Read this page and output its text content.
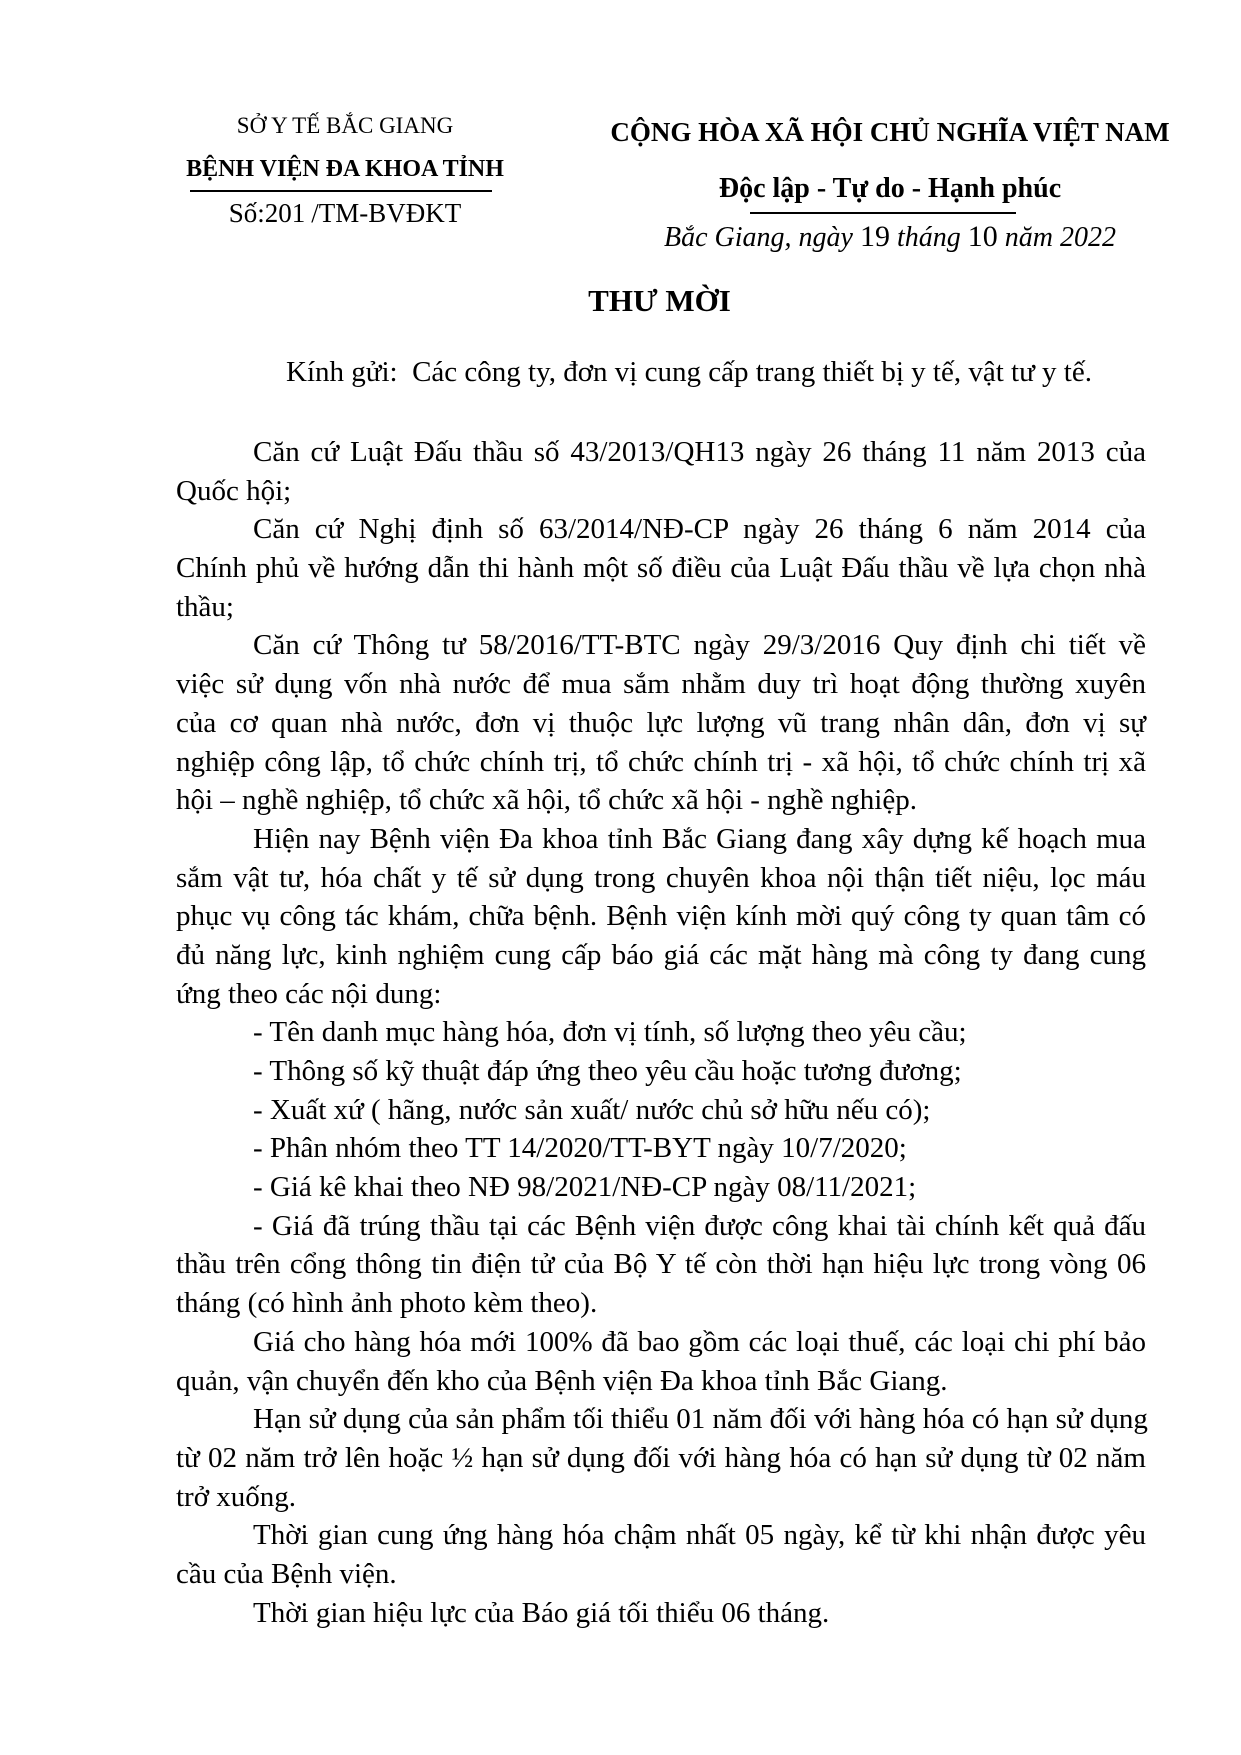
SỞ Y TẾ BẮC GIANG
BỆNH VIỆN ĐA KHOA TỈNH
Số:201 /TM-BVĐKT
CỘNG HÒA XÃ HỘI CHỦ NGHĨA VIỆT NAM
Độc lập - Tự do - Hạnh phúc
Bắc Giang, ngày 19 tháng 10 năm 2022
THƯ MỜI
Kính gửi:  Các công ty, đơn vị cung cấp trang thiết bị y tế, vật tư y tế.
Căn cứ Luật Đấu thầu số 43/2013/QH13 ngày 26 tháng 11 năm 2013 của
Quốc hội;
Căn cứ Nghị định số 63/2014/NĐ-CP ngày 26 tháng 6 năm 2014 của
Chính phủ về hướng dẫn thi hành một số điều của Luật Đấu thầu về lựa chọn nhà
thầu;
Căn cứ Thông tư 58/2016/TT-BTC ngày 29/3/2016 Quy định chi tiết về
việc sử dụng vốn nhà nước để mua sắm nhằm duy trì hoạt động thường xuyên
của cơ quan nhà nước, đơn vị thuộc lực lượng vũ trang nhân dân, đơn vị sự
nghiệp công lập, tổ chức chính trị, tổ chức chính trị - xã hội, tổ chức chính trị xã
hội – nghề nghiệp, tổ chức xã hội, tổ chức xã hội - nghề nghiệp.
Hiện nay Bệnh viện Đa khoa tỉnh Bắc Giang đang xây dựng kế hoạch mua
sắm vật tư, hóa chất y tế sử dụng trong chuyên khoa nội thận tiết niệu, lọc máu
phục vụ công tác khám, chữa bệnh. Bệnh viện kính mời quý công ty quan tâm có
đủ năng lực, kinh nghiệm cung cấp báo giá các mặt hàng mà công ty đang cung
ứng theo các nội dung:
- Tên danh mục hàng hóa, đơn vị tính, số lượng theo yêu cầu;
- Thông số kỹ thuật đáp ứng theo yêu cầu hoặc tương đương;
- Xuất xứ ( hãng, nước sản xuất/ nước chủ sở hữu nếu có);
- Phân nhóm theo TT 14/2020/TT-BYT ngày 10/7/2020;
- Giá kê khai theo NĐ 98/2021/NĐ-CP ngày 08/11/2021;
- Giá đã trúng thầu tại các Bệnh viện được công khai tài chính kết quả đấu
thầu trên cổng thông tin điện tử của Bộ Y tế còn thời hạn hiệu lực trong vòng 06
tháng (có hình ảnh photo kèm theo).
Giá cho hàng hóa mới 100% đã bao gồm các loại thuế, các loại chi phí bảo
quản, vận chuyển đến kho của Bệnh viện Đa khoa tỉnh Bắc Giang.
Hạn sử dụng của sản phẩm tối thiểu 01 năm đối với hàng hóa có hạn sử dụng
từ 02 năm trở lên hoặc ½ hạn sử dụng đối với hàng hóa có hạn sử dụng từ 02 năm
trở xuống.
Thời gian cung ứng hàng hóa chậm nhất 05 ngày, kể từ khi nhận được yêu
cầu của Bệnh viện.
Thời gian hiệu lực của Báo giá tối thiểu 06 tháng.
